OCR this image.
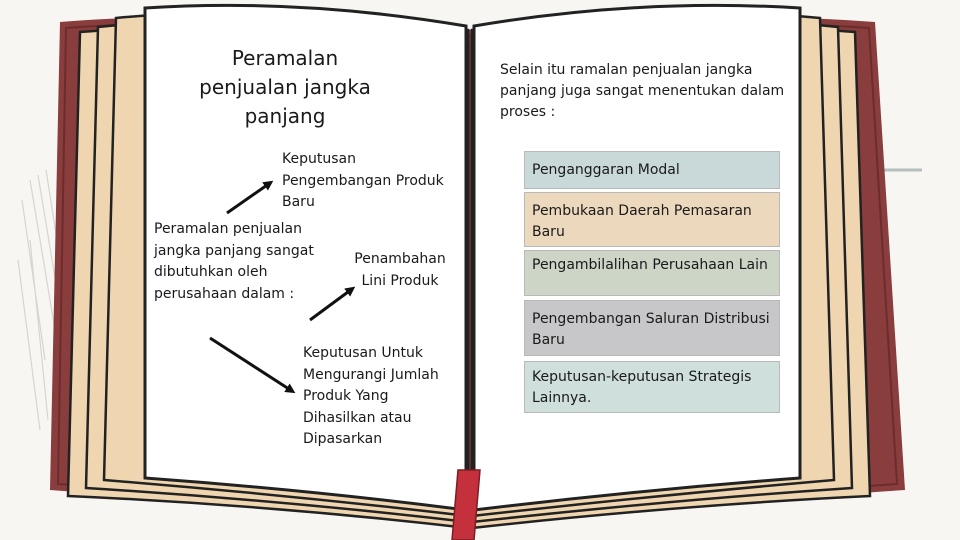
Peramalan penjualan jangka panjang
Keputusan Pengembangan Produk Baru
Peramalan penjualan jangka panjang sangat dibutuhkan oleh perusahaan dalam :
Penambahan Lini Produk
Keputusan Untuk Mengurangi Jumlah Produk Yang Dihasilkan atau Dipasarkan
Selain itu ramalan penjualan jangka panjang juga sangat menentukan dalam proses :
Penganggaran Modal
Pembukaan Daerah Pemasaran Baru
Pengambilalihan Perusahaan Lain
Pengembangan Saluran Distribusi Baru
Keputusan-keputusan Strategis Lainnya.
